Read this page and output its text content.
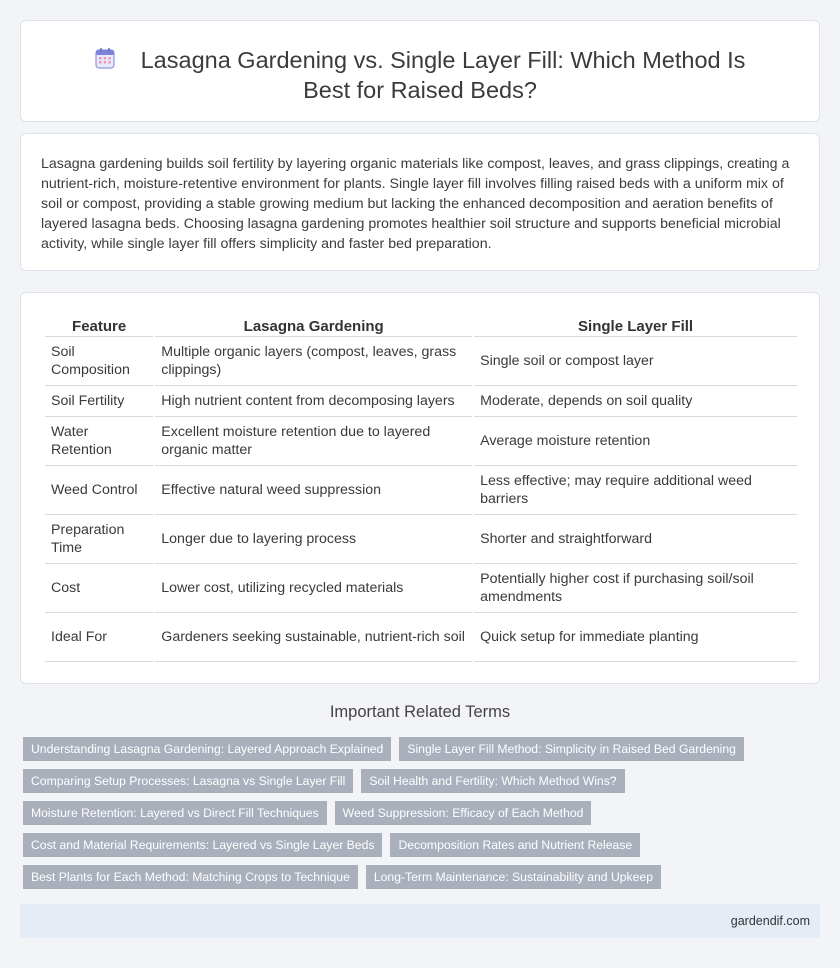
Lasagna Gardening vs. Single Layer Fill: Which Method Is Best for Raised Beds?

Lasagna gardening builds soil fertility by layering organic materials like compost, leaves, and grass clippings, creating a nutrient-rich, moisture-retentive environment for plants. Single layer fill involves filling raised beds with a uniform mix of soil or compost, providing a stable growing medium but lacking the enhanced decomposition and aeration benefits of layered lasagna beds. Choosing lasagna gardening promotes healthier soil structure and supports beneficial microbial activity, while single layer fill offers simplicity and faster bed preparation.

Feature	Lasagna Gardening	Single Layer Fill
Soil Composition	Multiple organic layers (compost, leaves, grass clippings)	Single soil or compost layer
Soil Fertility	High nutrient content from decomposing layers	Moderate, depends on soil quality
Water Retention	Excellent moisture retention due to layered organic matter	Average moisture retention
Weed Control	Effective natural weed suppression	Less effective; may require additional weed barriers
Preparation Time	Longer due to layering process	Shorter and straightforward
Cost	Lower cost, utilizing recycled materials	Potentially higher cost if purchasing soil/soil amendments
Ideal For	Gardeners seeking sustainable, nutrient-rich soil	Quick setup for immediate planting
Important Related Terms
Understanding Lasagna Gardening: Layered Approach Explained	Single Layer Fill Method: Simplicity in Raised Bed Gardening
Comparing Setup Processes: Lasagna vs Single Layer Fill	Soil Health and Fertility: Which Method Wins?
Moisture Retention: Layered vs Direct Fill Techniques	Weed Suppression: Efficacy of Each Method
Cost and Material Requirements: Layered vs Single Layer Beds	Decomposition Rates and Nutrient Release
Best Plants for Each Method: Matching Crops to Technique	Long-Term Maintenance: Sustainability and Upkeep
gardendif.com
